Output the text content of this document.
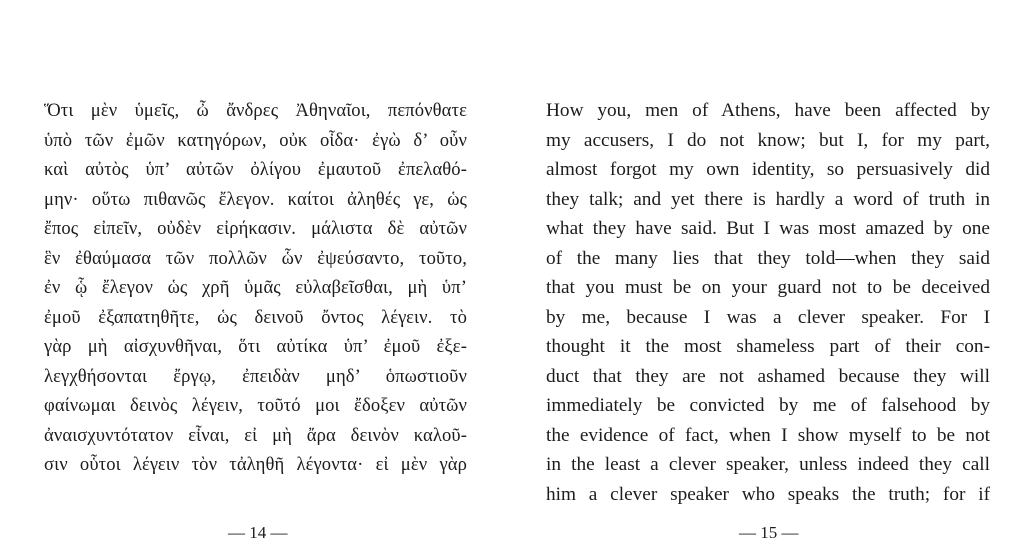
Ὅτι μὲν ὑμεῖς, ὦ ἄνδρες Ἀθηναῖοι, πεπόνθατε
ὑπὸ τῶν ἐμῶν κατηγόρων, οὐκ οἶδα· ἐγὼ δ’ οὖν
καὶ αὐτὸς ὑπ’ αὐτῶν ὀλίγου ἐμαυτοῦ ἐπελαθό-
μην· οὕτω πιθανῶς ἔλεγον. καίτοι ἀληθές γε, ὡς
ἔπος εἰπεῖν, οὐδὲν εἰρήκασιν. μάλιστα δὲ αὐτῶν
ἓν ἐθαύμασα τῶν πολλῶν ὧν ἐψεύσαντο, τοῦτο,
ἐν ᾧ ἔλεγον ὡς χρῆ ὑμᾶς εὐλαβεῖσθαι, μὴ ὑπ’
ἐμοῦ ἐξαπατηθῆτε, ὡς δεινοῦ ὄντος λέγειν. τὸ
γὰρ μὴ αἰσχυνθῆναι, ὅτι αὐτίκα ὑπ’ ἐμοῦ ἐξε-
λεγχθήσονται ἔργῳ, ἐπειδὰν μηδ’ ὁπωστιοῦν
φαίνωμαι δεινὸς λέγειν, τοῦτό μοι ἔδοξεν αὐτῶν
ἀναισχυντότατον εἶναι, εἰ μὴ ἄρα δεινὸν καλοῦ-
σιν οὗτοι λέγειν τὸν τἀληθῆ λέγοντα· εἰ μὲν γὰρ
— 14 —
How you, men of Athens, have been affected by
my accusers, I do not know; but I, for my part,
almost forgot my own identity, so persuasively did
they talk; and yet there is hardly a word of truth in
what they have said. But I was most amazed by one
of the many lies that they told—when they said
that you must be on your guard not to be deceived
by me, because I was a clever speaker. For I
thought it the most shameless part of their con-
duct that they are not ashamed because they will
immediately be convicted by me of falsehood by
the evidence of fact, when I show myself to be not
in the least a clever speaker, unless indeed they call
him a clever speaker who speaks the truth; for if
— 15 —
